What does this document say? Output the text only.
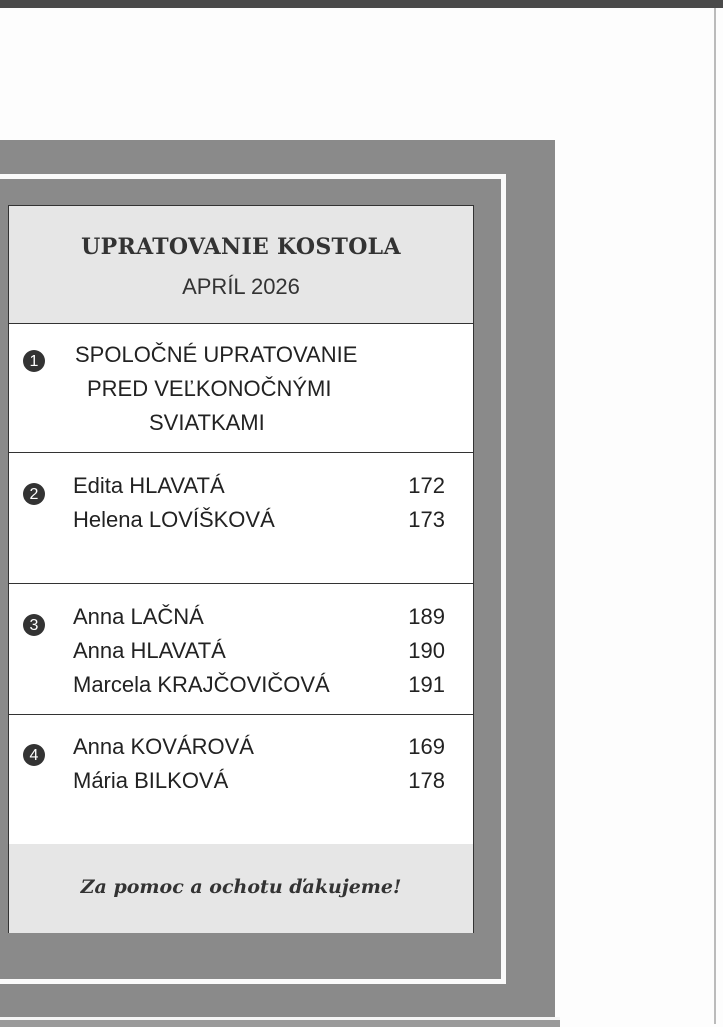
UPRATOVANIE KOSTOLA
APRÍL 2026
1 SPOLOČNÉ UPRATOVANIE
PRED VEĽKONOČNÝMI
SVIATKAMI
2 Edita HLAVATÁ	172
Helena LOVÍŠKOVÁ	173
3 Anna LAČNÁ	189
Anna HLAVATÁ	190
Marcela KRAJČOVIČOVÁ	191
4 Anna KOVÁROVÁ	169
Mária BILKOVÁ	178
Za pomoc a ochotu ďakujeme!
